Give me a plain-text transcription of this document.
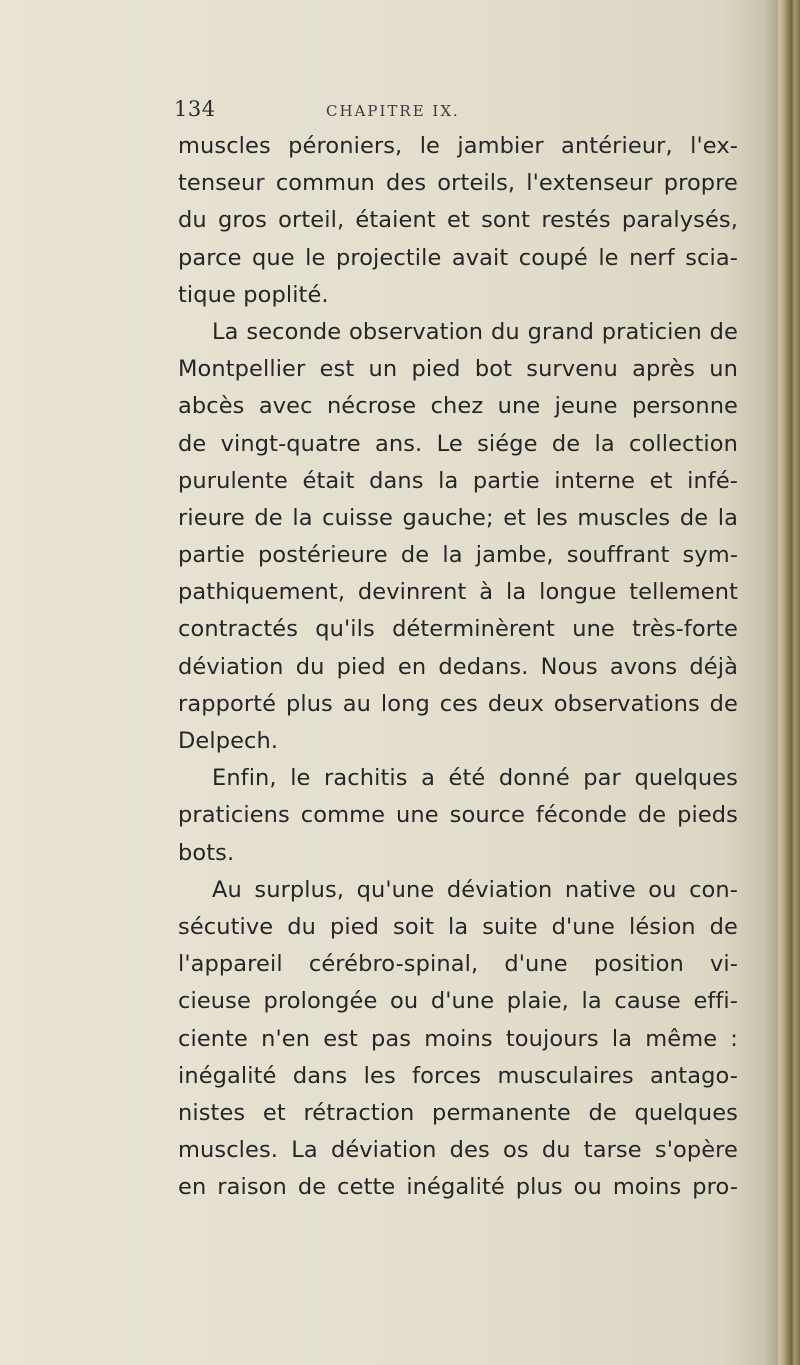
134	CHAPITRE IX.
muscles péroniers, le jambier antérieur, l'ex-
tenseur commun des orteils, l'extenseur propre
du gros orteil, étaient et sont restés paralysés,
parce que le projectile avait coupé le nerf scia-
tique poplité.
La seconde observation du grand praticien de
Montpellier est un pied bot survenu après un
abcès avec nécrose chez une jeune personne
de vingt-quatre ans. Le siége de la collection
purulente était dans la partie interne et infé-
rieure de la cuisse gauche; et les muscles de la
partie postérieure de la jambe, souffrant sym-
pathiquement, devinrent à la longue tellement
contractés qu'ils déterminèrent une très-forte
déviation du pied en dedans. Nous avons déjà
rapporté plus au long ces deux observations de
Delpech.
Enfin, le rachitis a été donné par quelques
praticiens comme une source féconde de pieds
bots.
Au surplus, qu'une déviation native ou con-
sécutive du pied soit la suite d'une lésion de
l'appareil cérébro-spinal, d'une position vi-
cieuse prolongée ou d'une plaie, la cause effi-
ciente n'en est pas moins toujours la même :
inégalité dans les forces musculaires antago-
nistes et rétraction permanente de quelques
muscles. La déviation des os du tarse s'opère
en raison de cette inégalité plus ou moins pro-
